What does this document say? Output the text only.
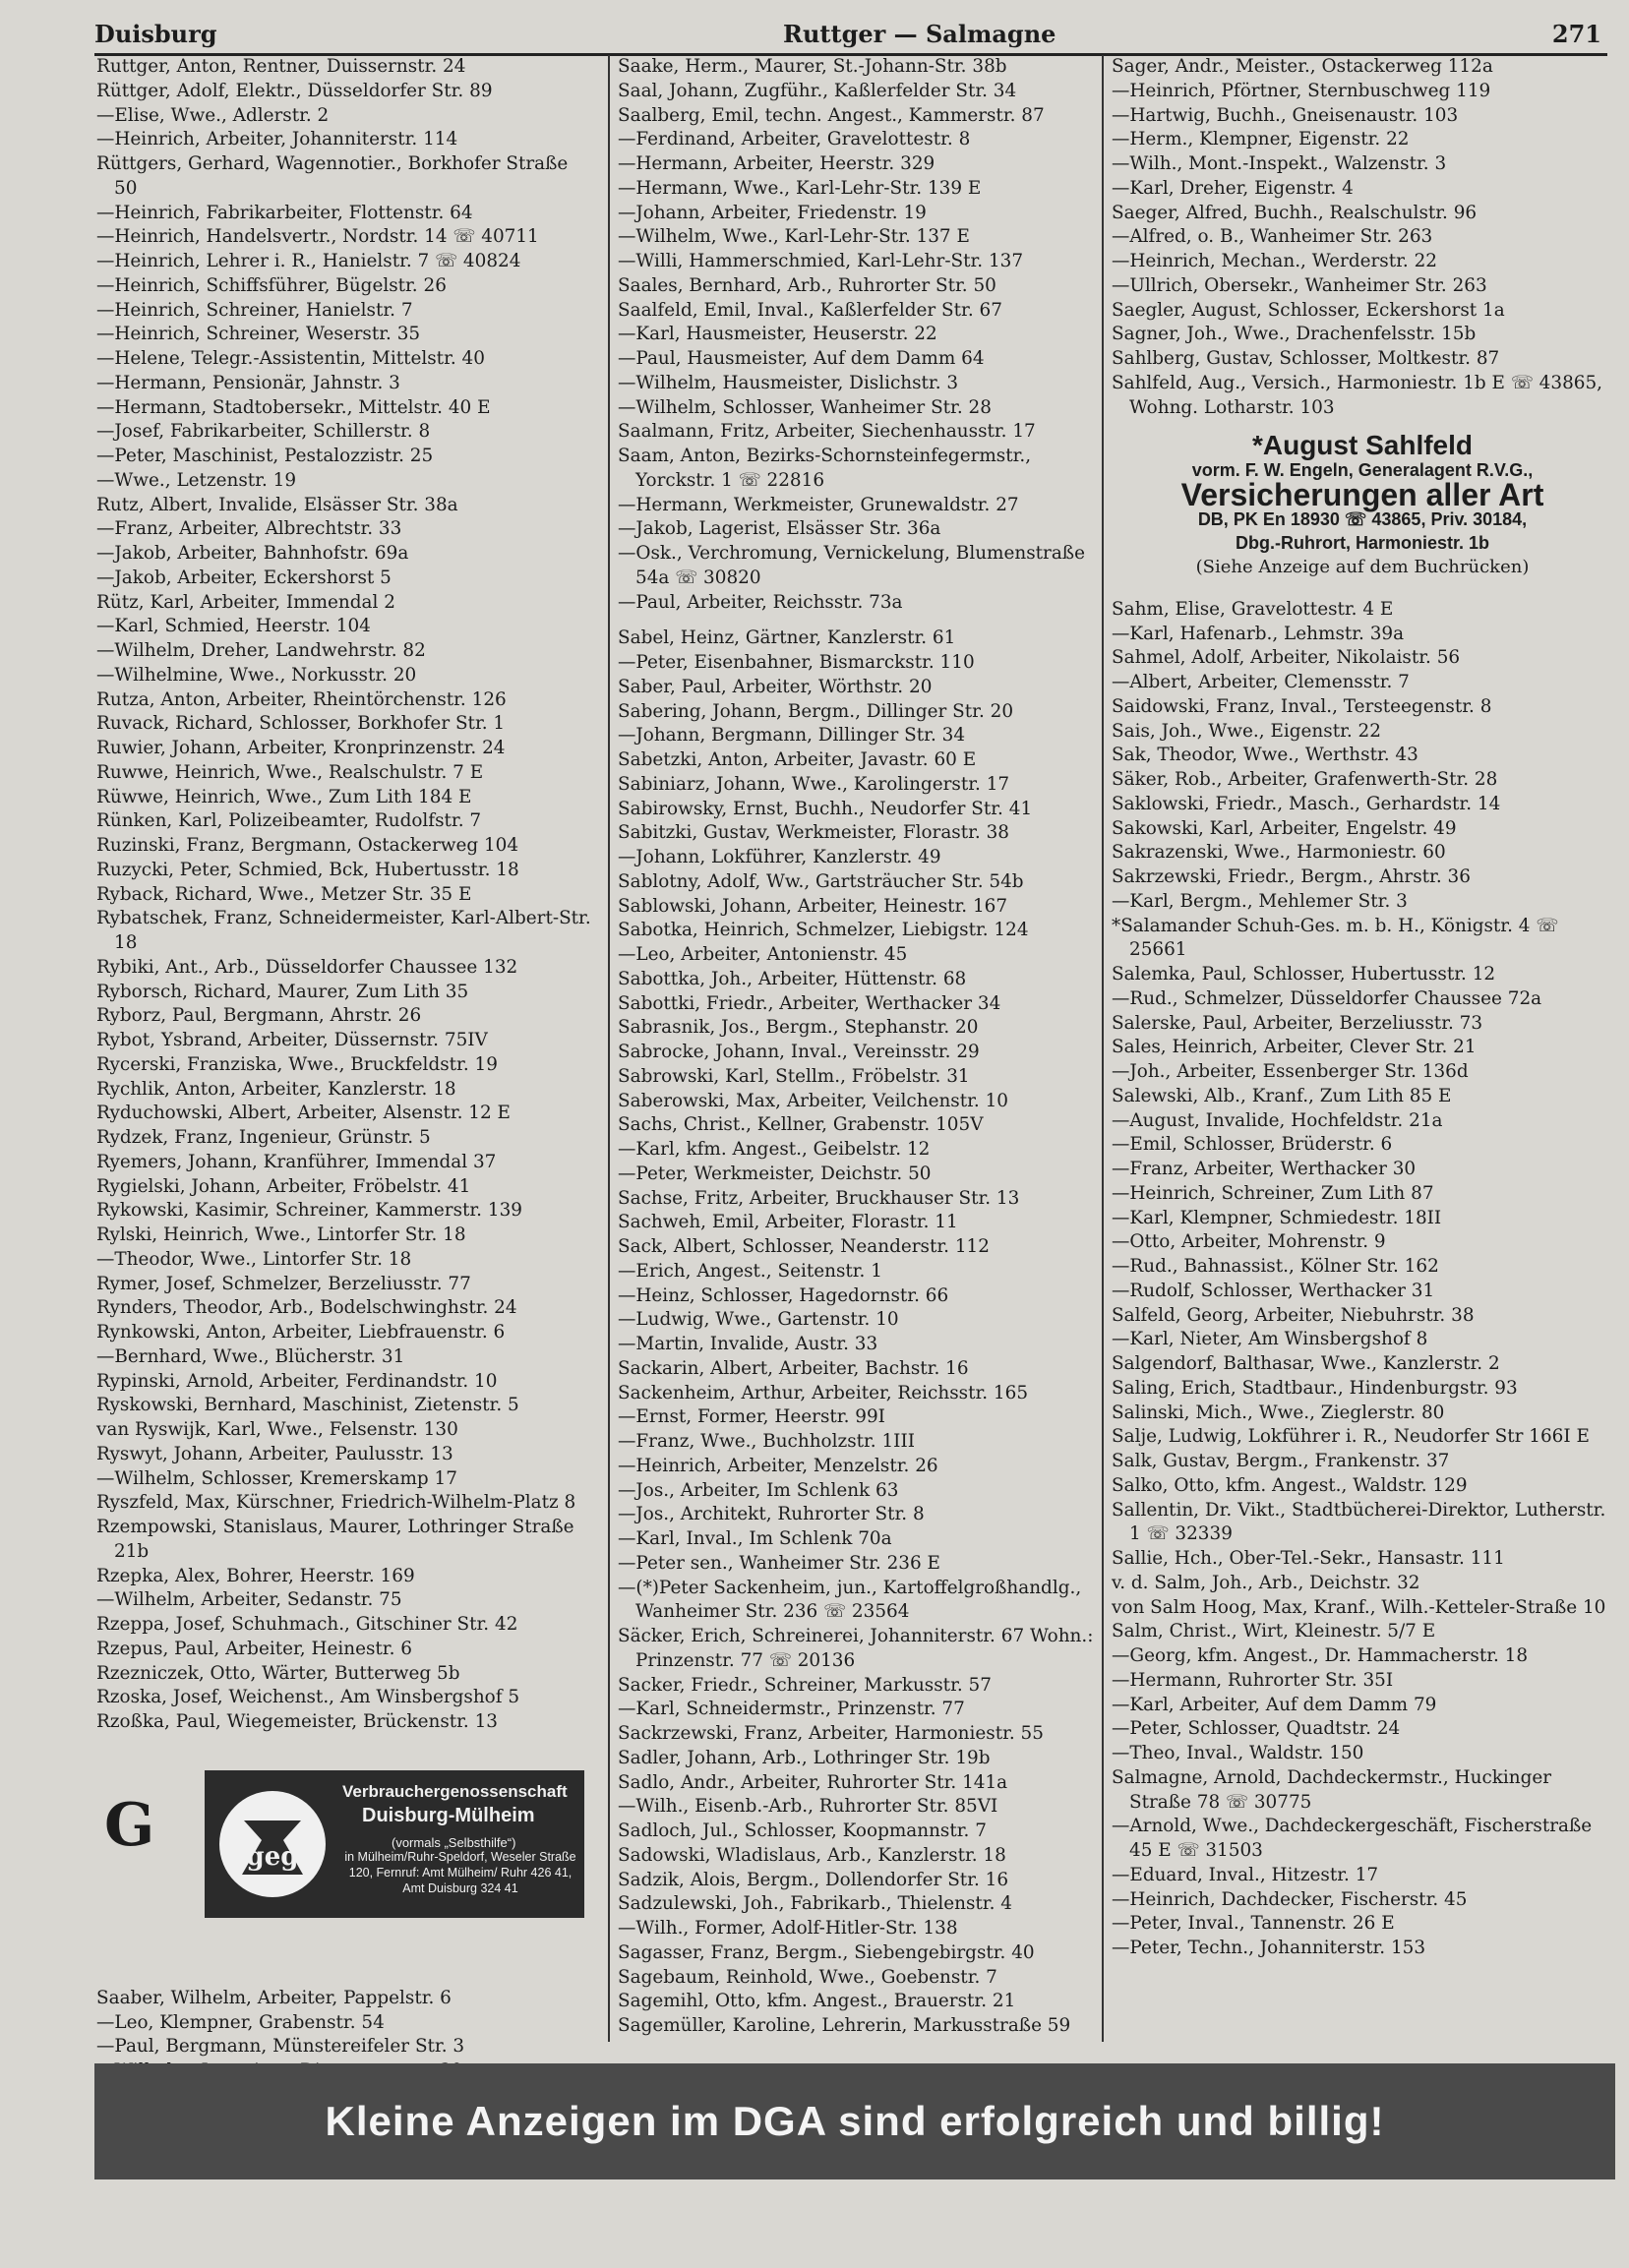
Duisburg	Ruttger — Salmagne	271
Ruttger, Anton, Rentner, Duissernstr. 24
Rüttger, Adolf, Elektr., Düsseldorfer Str. 89
—Elise, Wwe., Adlerstr. 2
—Heinrich, Arbeiter, Johanniterstr. 114
Rüttgers, Gerhard, Wagennotier., Borkhofer Straße 50
—Heinrich, Fabrikarbeiter, Flottenstr. 64
—Heinrich, Handelsvertr., Nordstr. 14 ☏ 40711
—Heinrich, Lehrer i. R., Hanielstr. 7 ☏ 40824
—Heinrich, Schiffsführer, Bügelstr. 26
—Heinrich, Schreiner, Hanielstr. 7
—Heinrich, Schreiner, Weserstr. 35
—Helene, Telegr.-Assistentin, Mittelstr. 40
—Hermann, Pensionär, Jahnstr. 3
—Hermann, Stadtobersekr., Mittelstr. 40 E
—Josef, Fabrikarbeiter, Schillerstr. 8
—Peter, Maschinist, Pestalozzistr. 25
—Wwe., Letzenstr. 19
Rutz, Albert, Invalide, Elsässer Str. 38a
—Franz, Arbeiter, Albrechtstr. 33
—Jakob, Arbeiter, Bahnhofstr. 69a
—Jakob, Arbeiter, Eckershorst 5
Rütz, Karl, Arbeiter, Immendal 2
—Karl, Schmied, Heerstr. 104
—Wilhelm, Dreher, Landwehrstr. 82
—Wilhelmine, Wwe., Norkusstr. 20
Rutza, Anton, Arbeiter, Rheintörchenstr. 126
Ruvack, Richard, Schlosser, Borkhofer Str. 1
Ruwier, Johann, Arbeiter, Kronprinzenstr. 24
Ruwwe, Heinrich, Wwe., Realschulstr. 7 E
Rüwwe, Heinrich, Wwe., Zum Lith 184 E
Rünken, Karl, Polizeibeamter, Rudolfstr. 7
Ruzinski, Franz, Bergmann, Ostackerweg 104
Ruzycki, Peter, Schmied, Bck, Hubertusstr. 18
Ryback, Richard, Wwe., Metzer Str. 35 E
Rybatschek, Franz, Schneidermeister, Karl-Albert-Str. 18
Rybiki, Ant., Arb., Düsseldorfer Chaussee 132
Ryborsch, Richard, Maurer, Zum Lith 35
Ryborz, Paul, Bergmann, Ahrstr. 26
Rybot, Ysbrand, Arbeiter, Düssernstr. 75IV
Rycerski, Franziska, Wwe., Bruckfeldstr. 19
Rychlik, Anton, Arbeiter, Kanzlerstr. 18
Ryduchowski, Albert, Arbeiter, Alsenstr. 12 E
Rydzek, Franz, Ingenieur, Grünstr. 5
Ryemers, Johann, Kranführer, Immendal 37
Rygielski, Johann, Arbeiter, Fröbelstr. 41
Rykowski, Kasimir, Schreiner, Kammerstr. 139
Rylski, Heinrich, Wwe., Lintorfer Str. 18
—Theodor, Wwe., Lintorfer Str. 18
Rymer, Josef, Schmelzer, Berzeliusstr. 77
Rynders, Theodor, Arb., Bodelschwinghstr. 24
Rynkowski, Anton, Arbeiter, Liebfrauenstr. 6
—Bernhard, Wwe., Blücherstr. 31
Rypinski, Arnold, Arbeiter, Ferdinandstr. 10
Ryskowski, Bernhard, Maschinist, Zietenstr. 5
van Ryswijk, Karl, Wwe., Felsenstr. 130
Ryswyt, Johann, Arbeiter, Paulusstr. 13
—Wilhelm, Schlosser, Kremerskamp 17
Ryszfeld, Max, Kürschner, Friedrich-Wilhelm-Platz 8
Rzempowski, Stanislaus, Maurer, Lothringer Straße 21b
Rzepka, Alex, Bohrer, Heerstr. 169
—Wilhelm, Arbeiter, Sedanstr. 75
Rzeppa, Josef, Schuhmach., Gitschiner Str. 42
Rzepus, Paul, Arbeiter, Heinestr. 6
Rzezniczek, Otto, Wärter, Butterweg 5b
Rzoska, Josef, Weichenst., Am Winsbergshof 5
Rzoßka, Paul, Wiegemeister, Brückenstr. 13
G	geg
Verbrauchergenossenschaft
Duisburg-Mülheim
(vormals „Selbsthilfe“)
in Mülheim/Ruhr-Speldorf, Weseler Straße 120, Fernruf: Amt Mülheim/ Ruhr 426 41, Amt Duisburg 324 41
Saaber, Wilhelm, Arbeiter, Pappelstr. 6
—Leo, Klempner, Grabenstr. 54
—Paul, Bergmann, Münstereifeler Str. 3
Saake, Herm., Maurer, St.-Johann-Str. 38b
Saal, Johann, Zugführ., Kaßlerfelder Str. 34
Saalberg, Emil, techn. Angest., Kammerstr. 87
—Ferdinand, Arbeiter, Gravelottestr. 8
—Hermann, Arbeiter, Heerstr. 329
—Hermann, Wwe., Karl-Lehr-Str. 139 E
—Johann, Arbeiter, Friedenstr. 19
—Wilhelm, Wwe., Karl-Lehr-Str. 137 E
—Willi, Hammerschmied, Karl-Lehr-Str. 137
Saales, Bernhard, Arb., Ruhrorter Str. 50
Saalfeld, Emil, Inval., Kaßlerfelder Str. 67
—Karl, Hausmeister, Heuserstr. 22
—Paul, Hausmeister, Auf dem Damm 64
—Wilhelm, Hausmeister, Dislichstr. 3
—Wilhelm, Schlosser, Wanheimer Str. 28
Saalmann, Fritz, Arbeiter, Siechenhausstr. 17
Saam, Anton, Bezirks-Schornsteinfegermstr., Yorckstr. 1 ☏ 22816
—Hermann, Werkmeister, Grunewaldstr. 27
—Jakob, Lagerist, Elsässer Str. 36a
—Osk., Verchromung, Vernickelung, Blumenstraße 54a ☏ 30820
—Paul, Arbeiter, Reichsstr. 73a
Sabel, Heinz, Gärtner, Kanzlerstr. 61
—Peter, Eisenbahner, Bismarckstr. 110
Saber, Paul, Arbeiter, Wörthstr. 20
Sabering, Johann, Bergm., Dillinger Str. 20
—Johann, Bergmann, Dillinger Str. 34
Sabetzki, Anton, Arbeiter, Javastr. 60 E
Sabiniarz, Johann, Wwe., Karolingerstr. 17
Sabirowsky, Ernst, Buchh., Neudorfer Str. 41
Sabitzki, Gustav, Werkmeister, Florastr. 38
—Johann, Lokführer, Kanzlerstr. 49
Sablotny, Adolf, Ww., Gartsträucher Str. 54b
Sablowski, Johann, Arbeiter, Heinestr. 167
Sabotka, Heinrich, Schmelzer, Liebigstr. 124
—Leo, Arbeiter, Antonienstr. 45
Sabottka, Joh., Arbeiter, Hüttenstr. 68
Sabottki, Friedr., Arbeiter, Werthacker 34
Sabrasnik, Jos., Bergm., Stephanstr. 20
Sabrocke, Johann, Inval., Vereinsstr. 29
Sabrowski, Karl, Stellm., Fröbelstr. 31
Saberowski, Max, Arbeiter, Veilchenstr. 10
Sachs, Christ., Kellner, Grabenstr. 105V
—Karl, kfm. Angest., Geibelstr. 12
—Peter, Werkmeister, Deichstr. 50
Sachse, Fritz, Arbeiter, Bruckhauser Str. 13
Sachweh, Emil, Arbeiter, Florastr. 11
Sack, Albert, Schlosser, Neanderstr. 112
—Erich, Angest., Seitenstr. 1
—Heinz, Schlosser, Hagedornstr. 66
—Ludwig, Wwe., Gartenstr. 10
—Martin, Invalide, Austr. 33
Sackarin, Albert, Arbeiter, Bachstr. 16
Sackenheim, Arthur, Arbeiter, Reichsstr. 165
—Ernst, Former, Heerstr. 99I
—Franz, Wwe., Buchholzstr. 1III
—Heinrich, Arbeiter, Menzelstr. 26
—Jos., Arbeiter, Im Schlenk 63
—Jos., Architekt, Ruhrorter Str. 8
—Karl, Inval., Im Schlenk 70a
—Peter sen., Wanheimer Str. 236 E
—(*)Peter Sackenheim, jun., Kartoffelgroßhandlg., Wanheimer Str. 236 ☏ 23564
Säcker, Erich, Schreinerei, Johanniterstr. 67 Wohn.: Prinzenstr. 77 ☏ 20136
Sacker, Friedr., Schreiner, Markusstr. 57
—Karl, Schneidermstr., Prinzenstr. 77
Sackrzewski, Franz, Arbeiter, Harmoniestr. 55
Sadler, Johann, Arb., Lothringer Str. 19b
Sadlo, Andr., Arbeiter, Ruhrorter Str. 141a
—Wilh., Eisenb.-Arb., Ruhrorter Str. 85VI
Sadloch, Jul., Schlosser, Koopmannstr. 7
Sadowski, Wladislaus, Arb., Kanzlerstr. 18
Sadzik, Alois, Bergm., Dollendorfer Str. 16
Sadzulewski, Joh., Fabrikarb., Thielenstr. 4
—Wilh., Former, Adolf-Hitler-Str. 138
Sagasser, Franz, Bergm., Siebengebirgstr. 40
Sagebaum, Reinhold, Wwe., Goebenstr. 7
Sagemihl, Otto, kfm. Angest., Brauerstr. 21
Sagemüller, Karoline, Lehrerin, Markusstraße 59
Sager, Andr., Meister., Ostackerweg 112a
—Heinrich, Pförtner, Sternbuschweg 119
—Hartwig, Buchh., Gneisenaustr. 103
—Herm., Klempner, Eigenstr. 22
—Wilh., Mont.-Inspekt., Walzenstr. 3
—Karl, Dreher, Eigenstr. 4
Saeger, Alfred, Buchh., Realschulstr. 96
—Alfred, o. B., Wanheimer Str. 263
—Heinrich, Mechan., Werderstr. 22
—Ullrich, Obersekr., Wanheimer Str. 263
Saegler, August, Schlosser, Eckershorst 1a
Sagner, Joh., Wwe., Drachenfelsstr. 15b
Sahlberg, Gustav, Schlosser, Moltkestr. 87
Sahlfeld, Aug., Versich., Harmoniestr. 1b E ☏ 43865, Wohng. Lotharstr. 103
*August Sahlfeld
vorm. F. W. Engeln, Generalagent R.V.G.,
Versicherungen aller Art
DB, PK En 18930 ☏ 43865, Priv. 30184,
Dbg.-Ruhrort, Harmoniestr. 1b
(Siehe Anzeige auf dem Buchrücken)
Sahm, Elise, Gravelottestr. 4 E
—Karl, Hafenarb., Lehmstr. 39a
Sahmel, Adolf, Arbeiter, Nikolaistr. 56
—Albert, Arbeiter, Clemensstr. 7
Saidowski, Franz, Inval., Tersteegenstr. 8
Sais, Joh., Wwe., Eigenstr. 22
Sak, Theodor, Wwe., Werthstr. 43
Säker, Rob., Arbeiter, Grafenwerth-Str. 28
Saklowski, Friedr., Masch., Gerhardstr. 14
Sakowski, Karl, Arbeiter, Engelstr. 49
Sakrazenski, Wwe., Harmoniestr. 60
Sakrzewski, Friedr., Bergm., Ahrstr. 36
—Karl, Bergm., Mehlemer Str. 3
*Salamander Schuh-Ges. m. b. H., Königstr. 4 ☏ 25661
Salemka, Paul, Schlosser, Hubertusstr. 12
—Rud., Schmelzer, Düsseldorfer Chaussee 72a
Salerske, Paul, Arbeiter, Berzeliusstr. 73
Sales, Heinrich, Arbeiter, Clever Str. 21
—Joh., Arbeiter, Essenberger Str. 136d
Salewski, Alb., Kranf., Zum Lith 85 E
—August, Invalide, Hochfeldstr. 21a
—Emil, Schlosser, Brüderstr. 6
—Franz, Arbeiter, Werthacker 30
—Heinrich, Schreiner, Zum Lith 87
—Karl, Klempner, Schmiedestr. 18II
—Otto, Arbeiter, Mohrenstr. 9
—Rud., Bahnassist., Kölner Str. 162
—Rudolf, Schlosser, Werthacker 31
Salfeld, Georg, Arbeiter, Niebuhrstr. 38
—Karl, Nieter, Am Winsbergshof 8
Salgendorf, Balthasar, Wwe., Kanzlerstr. 2
Saling, Erich, Stadtbaur., Hindenburgstr. 93
Salinski, Mich., Wwe., Zieglerstr. 80
Salje, Ludwig, Lokführer i. R., Neudorfer Str 166I E
Salk, Gustav, Bergm., Frankenstr. 37
Salko, Otto, kfm. Angest., Waldstr. 129
Sallentin, Dr. Vikt., Stadtbücherei-Direktor, Lutherstr. 1 ☏ 32339
Sallie, Hch., Ober-Tel.-Sekr., Hansastr. 111
v. d. Salm, Joh., Arb., Deichstr. 32
von Salm Hoog, Max, Kranf., Wilh.-Ketteler-Straße 10
Salm, Christ., Wirt, Kleinestr. 5/7 E
—Georg, kfm. Angest., Dr. Hammacherstr. 18
—Hermann, Ruhrorter Str. 35I
—Karl, Arbeiter, Auf dem Damm 79
—Peter, Schlosser, Quadtstr. 24
—Theo, Inval., Waldstr. 150
Salmagne, Arnold, Dachdeckermstr., Huckinger Straße 78 ☏ 30775
—Arnold, Wwe., Dachdeckergeschäft, Fischerstraße 45 E ☏ 31503
—Eduard, Inval., Hitzestr. 17
—Heinrich, Dachdecker, Fischerstr. 45
—Peter, Inval., Tannenstr. 26 E
—Peter, Techn., Johanniterstr. 153
Kleine Anzeigen im DGA sind erfolgreich und billig!
